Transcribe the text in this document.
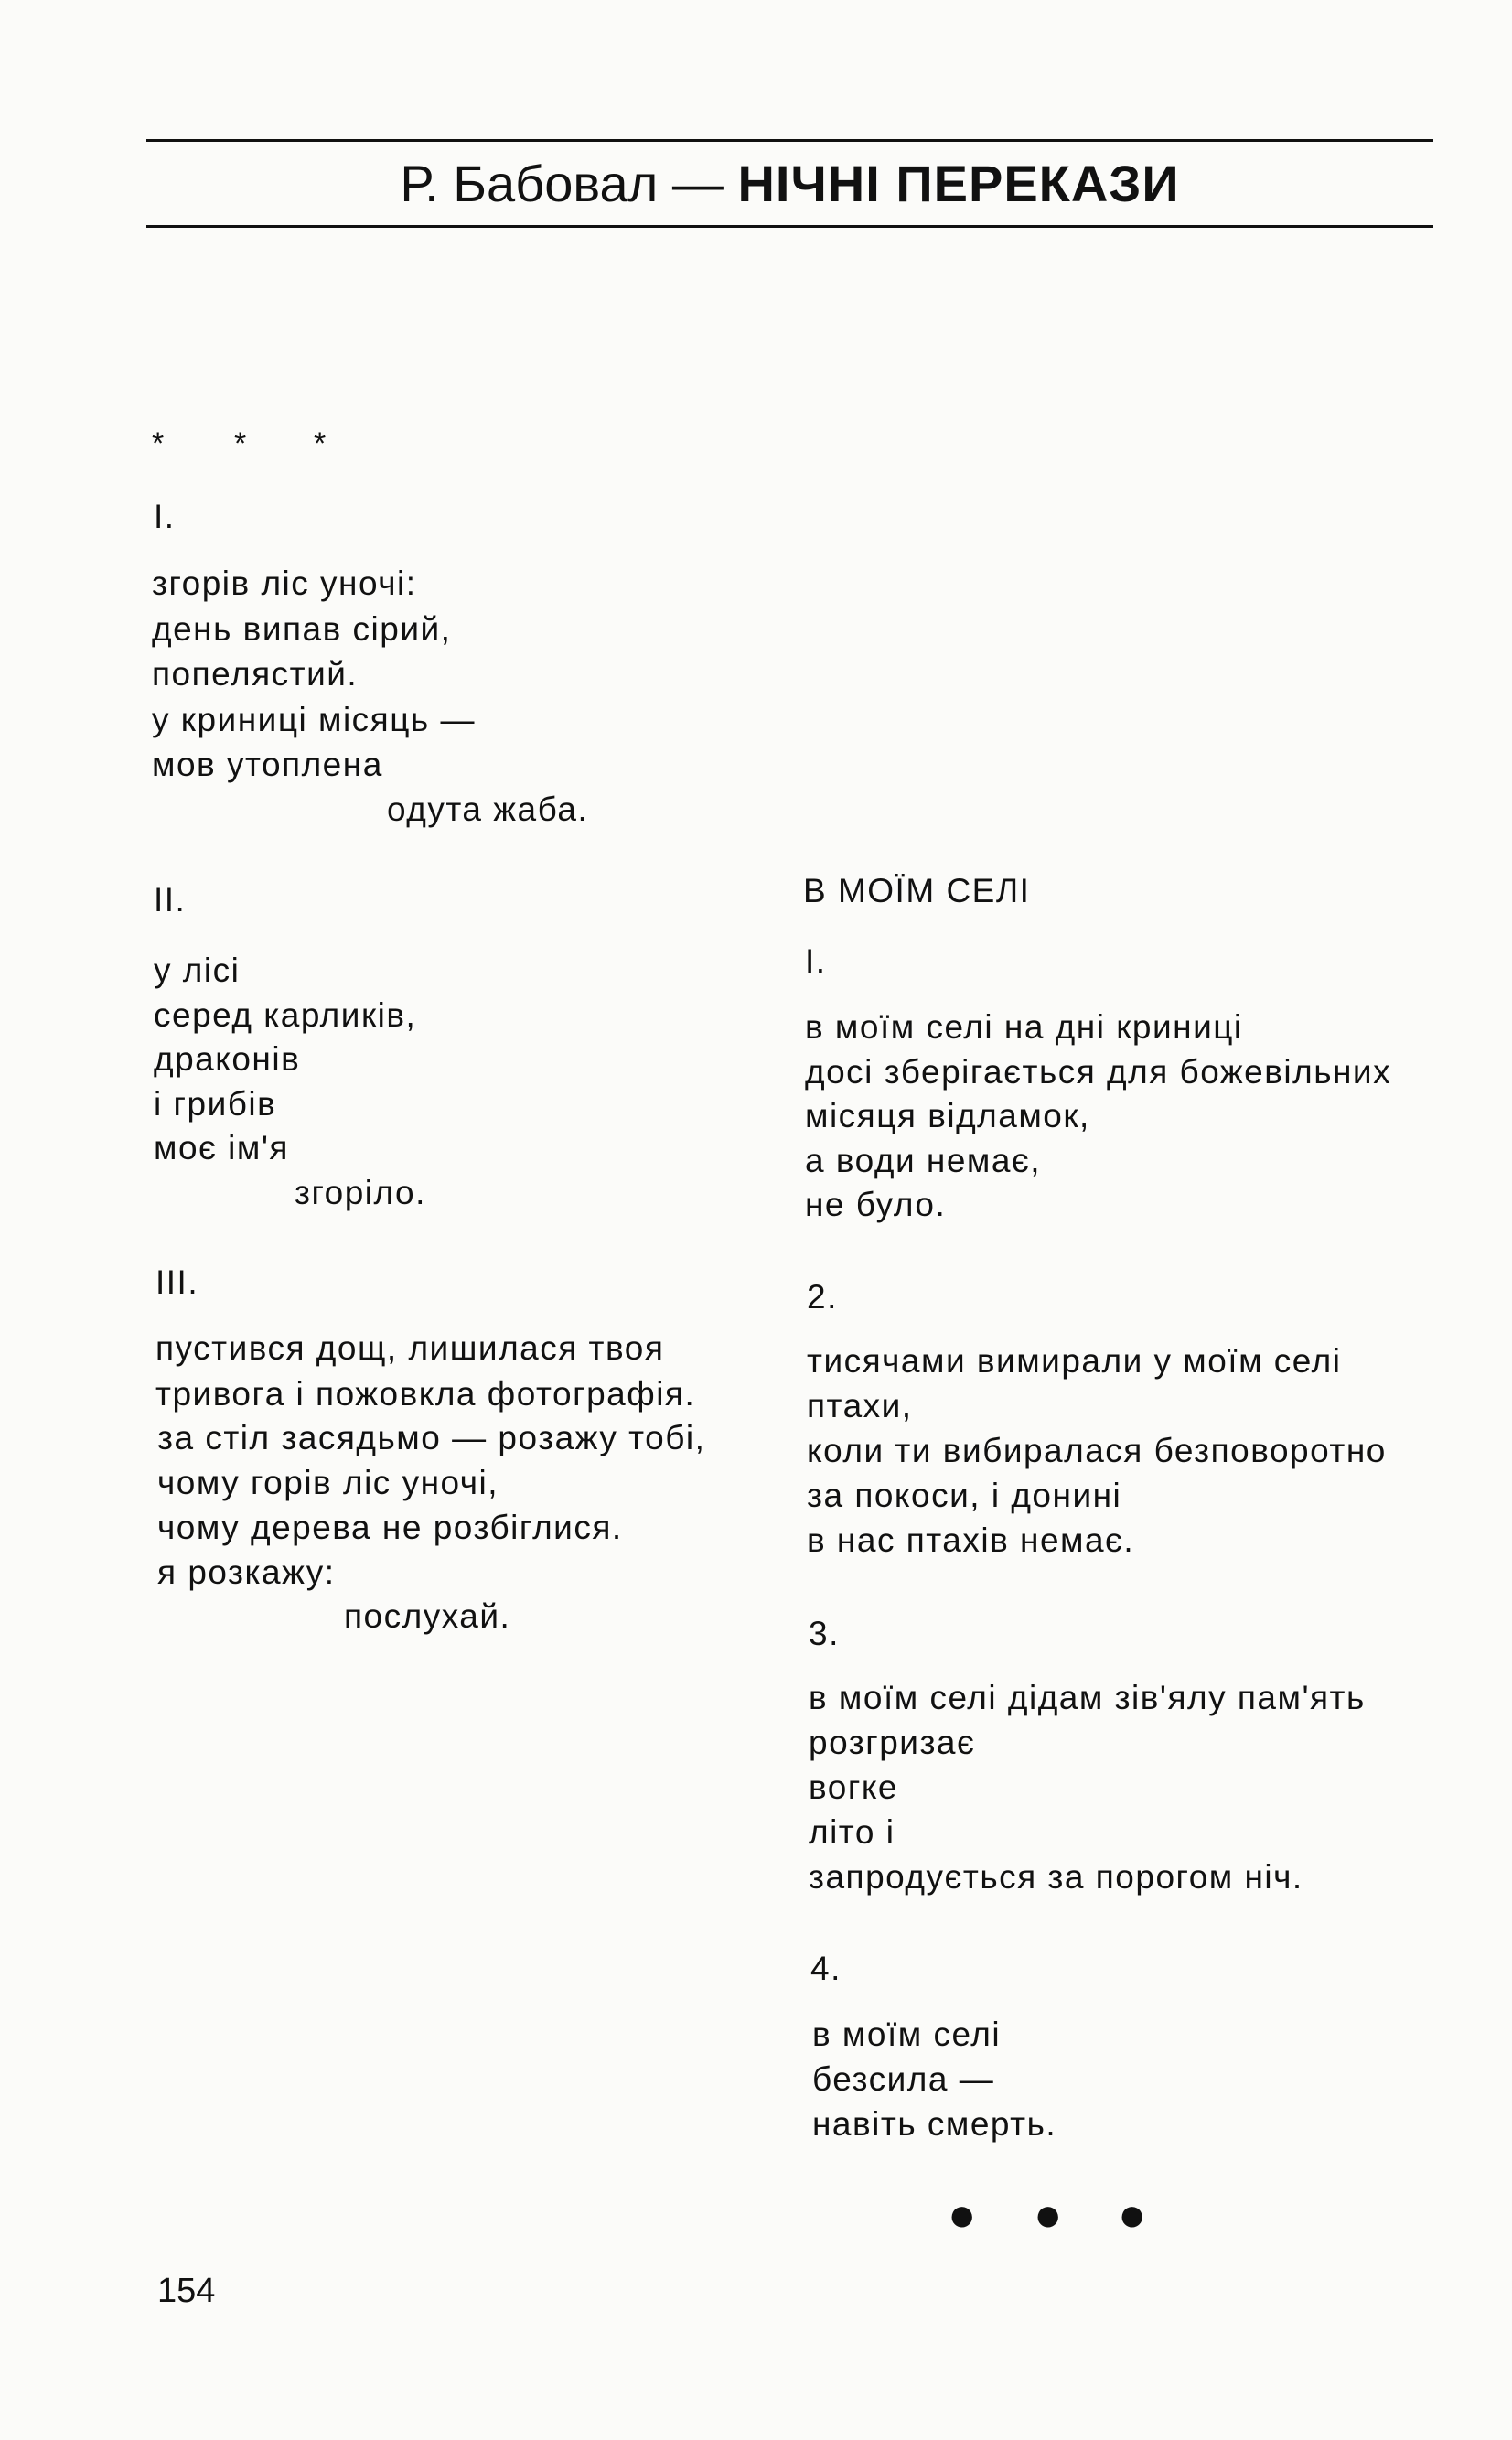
Р. Бабовал — НІЧНІ ПЕРЕКАЗИ
* * *
I.
згорів ліс уночі:
день випав сірий,
попелястий.
у криниці місяць —
мов утоплена
одута жаба.
II.
у лісі
серед карликів,
драконів
і грибів
моє ім'я
згоріло.
III.
пустився дощ, лишилася твоя
тривога і пожовкла фотографія.
за стіл засядьмо — розажу тобі,
чому горів ліс уночі,
чому дерева не розбіглися.
я розкажу:
послухай.
В МОЇМ СЕЛІ
I.
в моїм селі на дні криниці
досі зберігається для божевільних
місяця відламок,
а води немає,
не було.
2.
тисячами вимирали у моїм селі
птахи,
коли ти вибиралася безповоротно
за покоси, і донині
в нас птахів немає.
3.
в моїм селі дідам зів'ялу пам'ять
розгризає
вогке
літо і
запродується за порогом ніч.
4.
в моїм селі
безсила —
навіть смерть.
● ● ●
154
